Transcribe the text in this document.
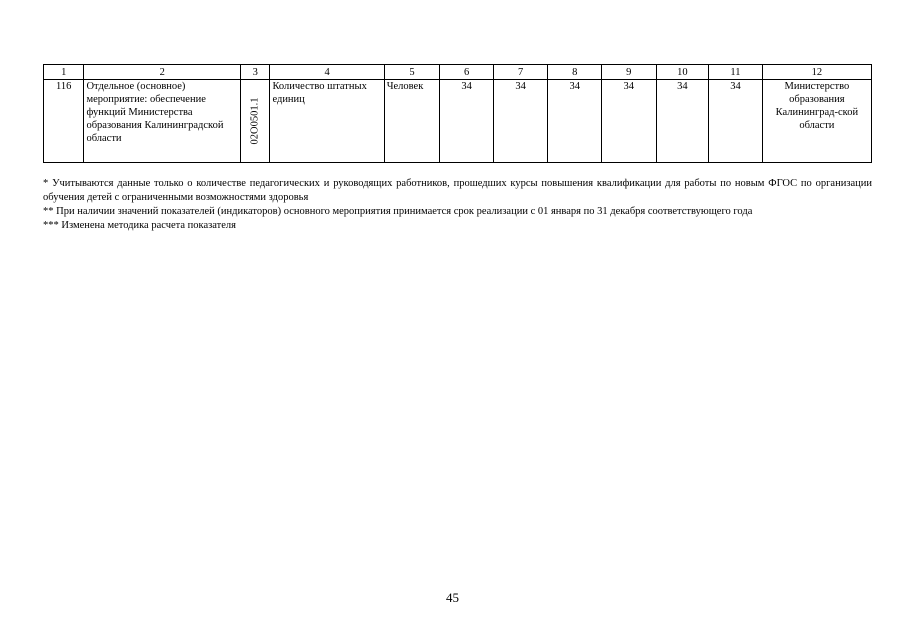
1	2	3	4	5	6	7	8	9	10	11	12
116	Отдельное (основное) мероприятие: обеспечение функций Министерства образования Калининградской области	02O0501.1	Количество штатных единиц	Человек	34	34	34	34	34	34	Министерство образования Калининград-ской области

* Учитываются данные только о количестве педагогических и руководящих работников, прошедших курсы повышения квалификации для работы по новым ФГОС по организации обучения детей с ограниченными возможностями здоровья

** При наличии значений показателей (индикаторов) основного мероприятия принимается срок реализации с 01 января по 31 декабря соответствующего года

*** Изменена методика расчета показателя

45
